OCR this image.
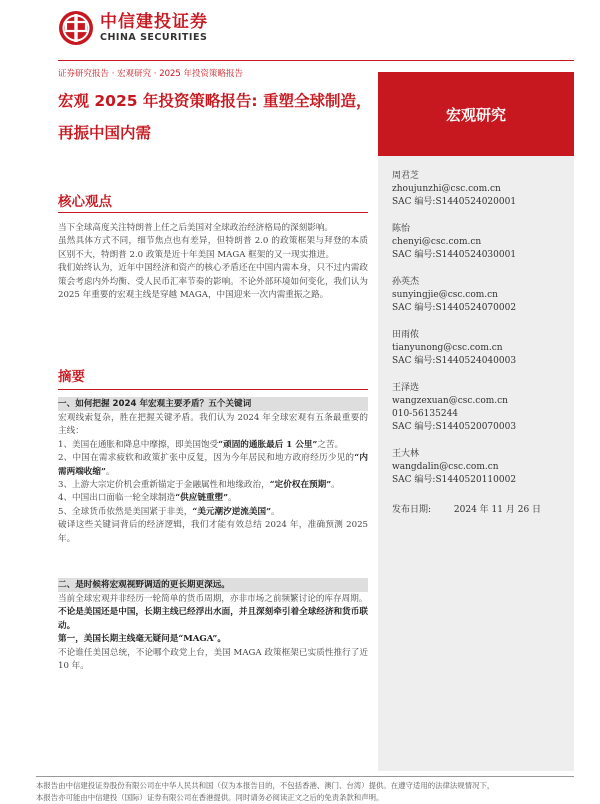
中信建投证券
CHINA SECURITIES
证券研究报告 · 宏观研究 · 2025 年投资策略报告
宏观 2025 年投资策略报告: 重塑全球制造，再振中国内需
宏观研究
周君芝
zhoujunzhi@csc.com.cn
SAC 编号:S1440524020001
陈怡
chenyi@csc.com.cn
SAC 编号:S1440524030001
孙英杰
sunyingjie@csc.com.cn
SAC 编号:S1440524070002
田雨侬
tianyunong@csc.com.cn
SAC 编号:S1440524040003
王泽选
wangzexuan@csc.com.cn
010-56135244
SAC 编号:S1440520070003
王大林
wangdalin@csc.com.cn
SAC 编号:S1440520110002
发布日期:        2024 年 11 月 26 日
核心观点

当下全球高度关注特朗普上任之后美国对全球政治经济格局的深刻影响。

虽然具体方式不同，细节焦点也有差异，但特朗普 2.0 的政策框架与拜登的本质区别不大，特朗普 2.0 政策是近十年美国 MAGA 框架的又一现实推进。

我们始终认为，近年中国经济和资产的核心矛盾还在中国内需本身，只不过内需政策会考虑内外均衡、受人民币汇率节奏的影响。不论外部环境如何变化，我们认为 2025 年重要的宏观主线是穿越 MAGA，中国迎来一次内需重振之路。

摘要
一、如何把握 2024 年宏观主要矛盾？五个关键词

宏观线索复杂，胜在把握关键矛盾。我们认为 2024 年全球宏观有五条最重要的主线：

1、美国在通胀和降息中摩擦，即美国饱受“顽固的通胀最后 1 公里”之苦。

2、中国在需求疲软和政策扩张中反复，因为今年居民和地方政府经历少见的“内需两端收缩”。

3、上游大宗定价机会重新锚定于金融属性和地缘政治，“定价权在预期”。

4、中国出口面临一轮全球制造“供应链重塑”。

5、全球货币依然是美国紧于非美，“美元潮汐逆流美国”。

破译这些关键词背后的经济逻辑，我们才能有效总结 2024 年，准确预测 2025 年。

二、是时候将宏观视野调适的更长期更深远。

当前全球宏观并非经历一轮简单的货币周期，亦非市场之前频繁讨论的库存周期。

不论是美国还是中国，长期主线已经浮出水面，并且深刻牵引着全球经济和货币联动。

第一，美国长期主线毫无疑问是“MAGA”。

不论谁任美国总统，不论哪个政党上台，美国 MAGA 政策框架已实质性推行了近 10 年。

本报告由中信建投证券股份有限公司在中华人民共和国（仅为本报告目的，不包括香港、澳门、台湾）提供。在遵守适用的法律法规情况下，
本报告亦可能由中信建投（国际）证券有限公司在香港提供。同时请务必阅读正文之后的免责条款和声明。
